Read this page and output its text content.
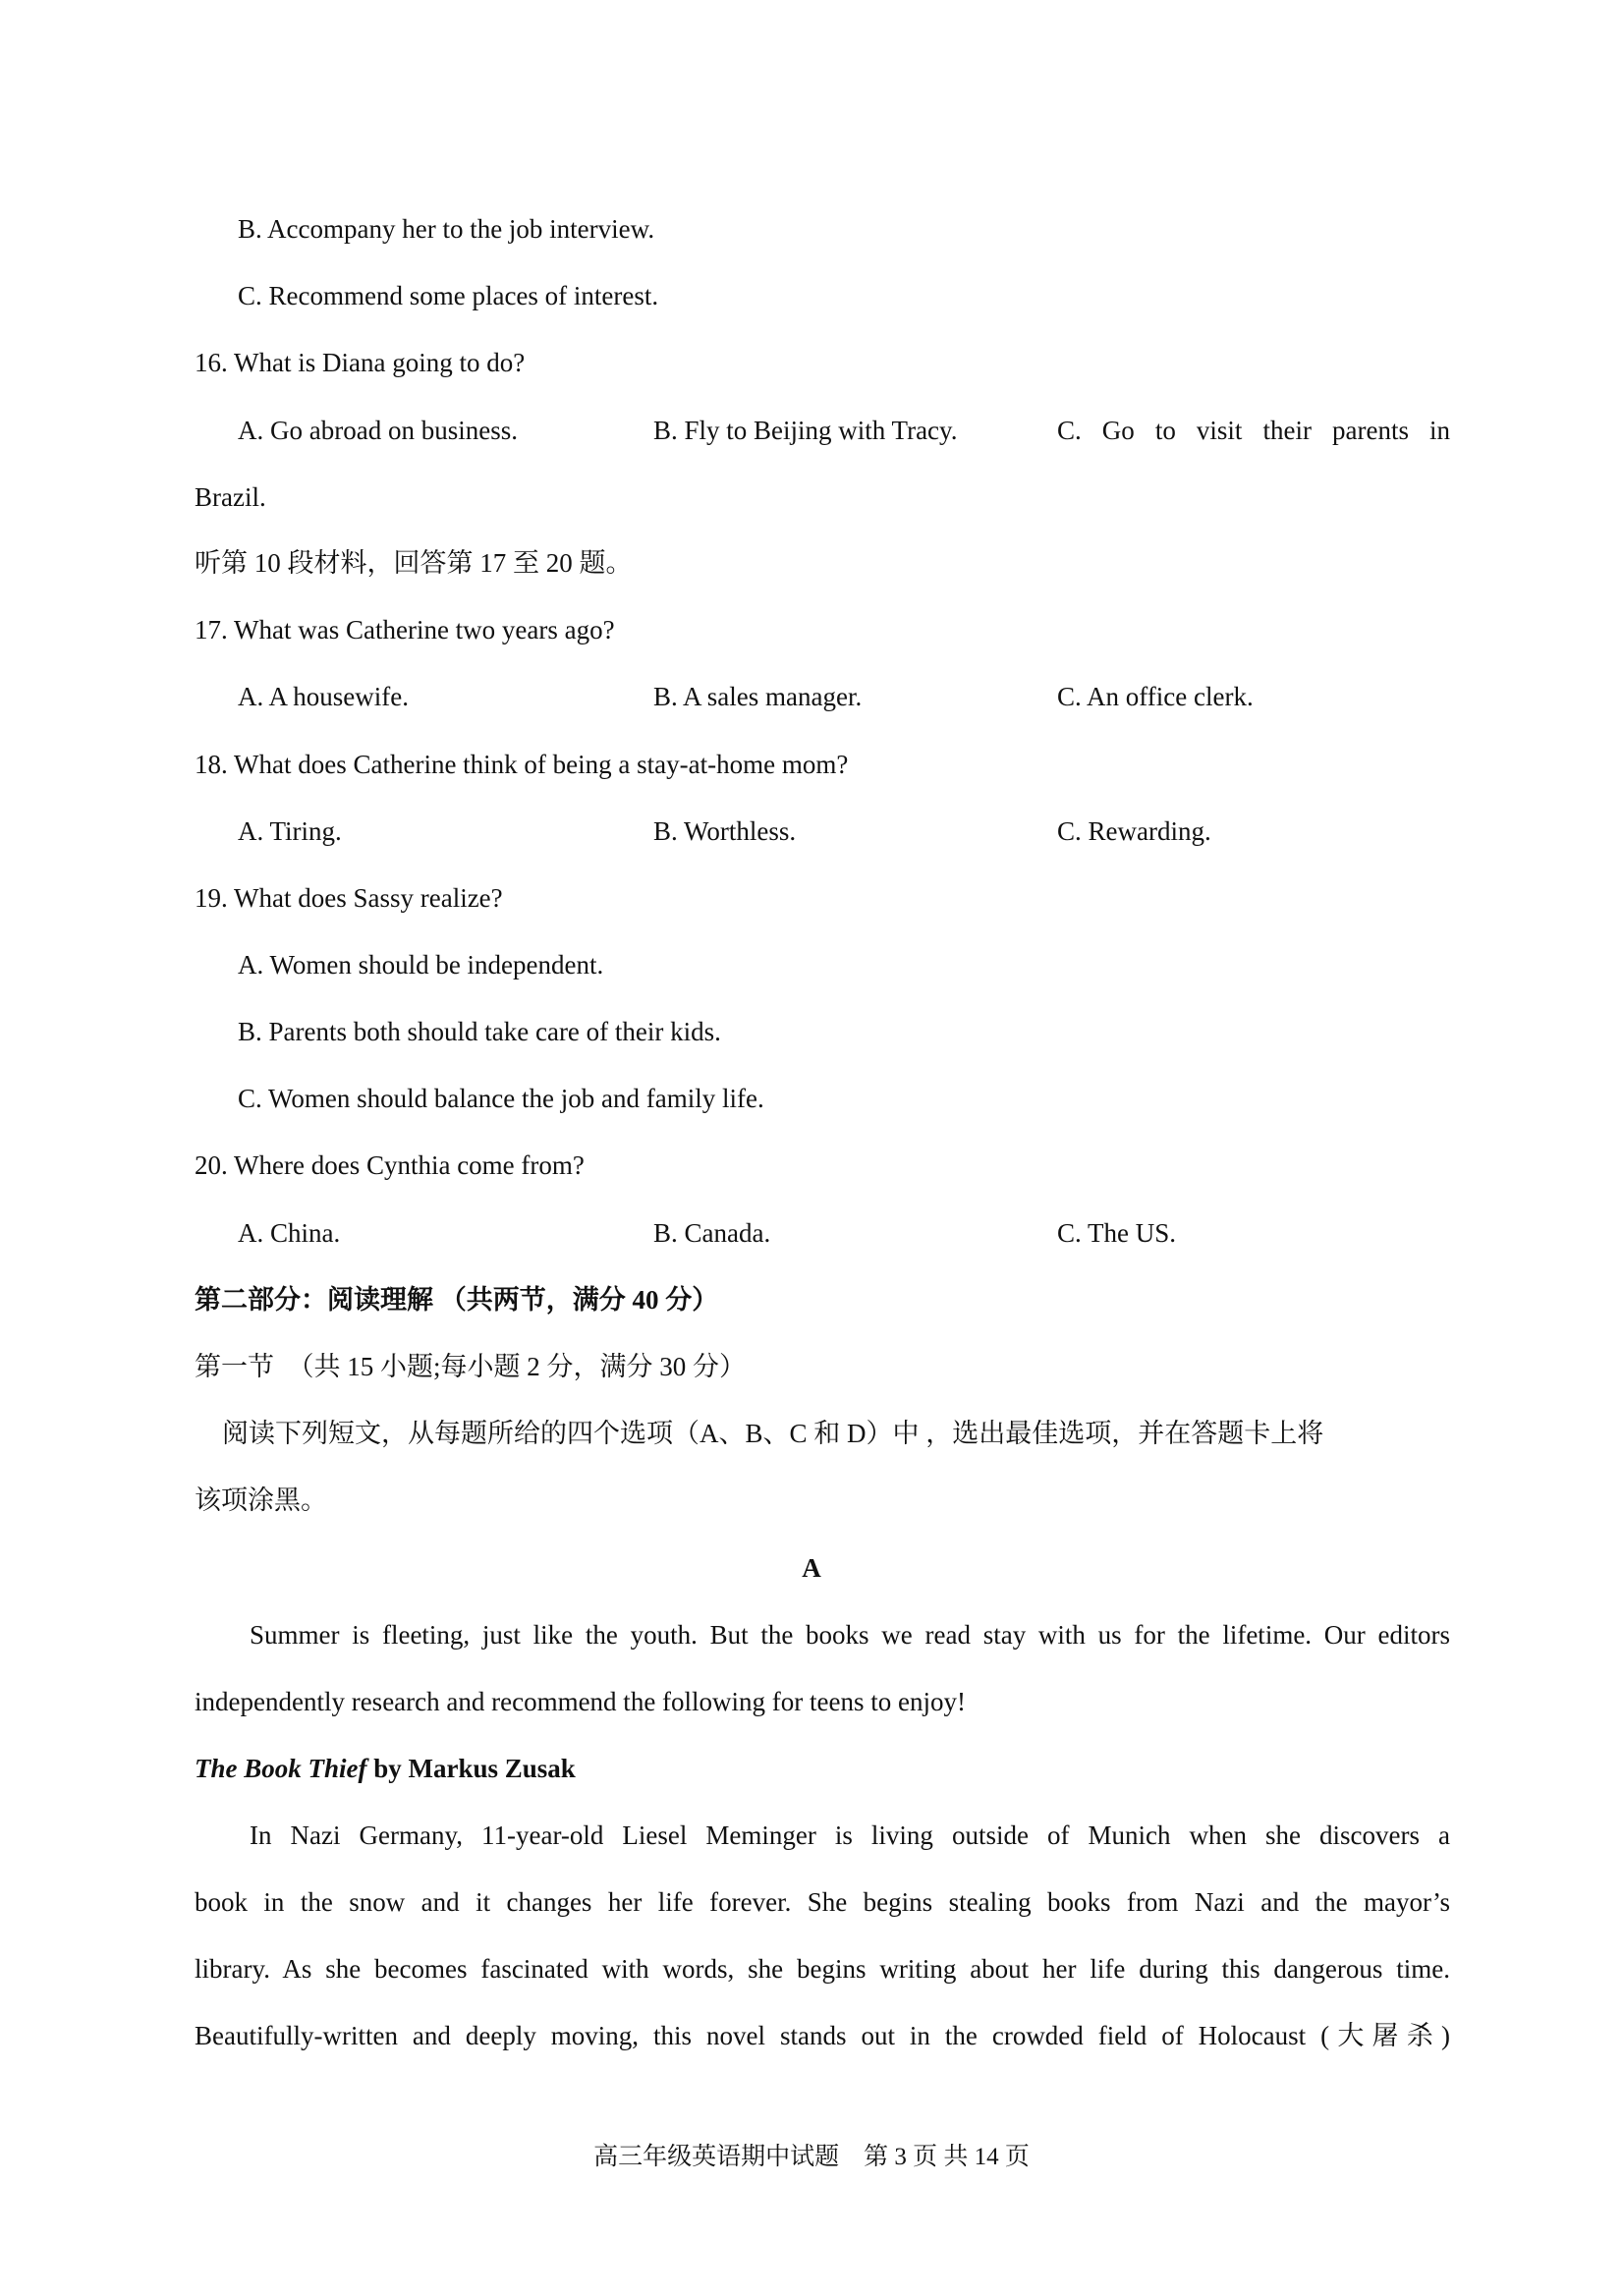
B. Accompany her to the job interview.
C. Recommend some places of interest.
16. What is Diana going to do?
A. Go abroad on business.	B. Fly to Beijing with Tracy.	C. Go to visit their parents in
Brazil.
听第 10 段材料，回答第 17 至 20 题。
17. What was Catherine two years ago?
A. A housewife.	B. A sales manager.	C. An office clerk.
18. What does Catherine think of being a stay-at-home mom?
A. Tiring.	B. Worthless.	C. Rewarding.
19. What does Sassy realize?
A. Women should be independent.
B. Parents both should take care of their kids.
C. Women should balance the job and family life.
20. Where does Cynthia come from?
A. China.	B. Canada.	C. The US.
第二部分：阅读理解 （共两节，满分 40 分）
第一节　（共 15 小题;每小题 2 分，满分 30 分）
阅读下列短文，从每题所给的四个选项（A、B、C 和 D）中 ，选出最佳选项，并在答题卡上将
该项涂黑。
A
Summer is fleeting, just like the youth. But the books we read stay with us for the lifetime. Our editors
independently research and recommend the following for teens to enjoy!
The Book Thief by Markus Zusak
In Nazi Germany, 11-year-old Liesel Meminger is living outside of Munich when she discovers a
book in the snow and it changes her life forever. She begins stealing books from Nazi and the mayor’s
library. As she becomes fascinated with words, she begins writing about her life during this dangerous time.
Beautifully-written and deeply moving, this novel stands out in the crowded field of Holocaust (大屠杀)
高三年级英语期中试题　第 3 页 共 14 页
